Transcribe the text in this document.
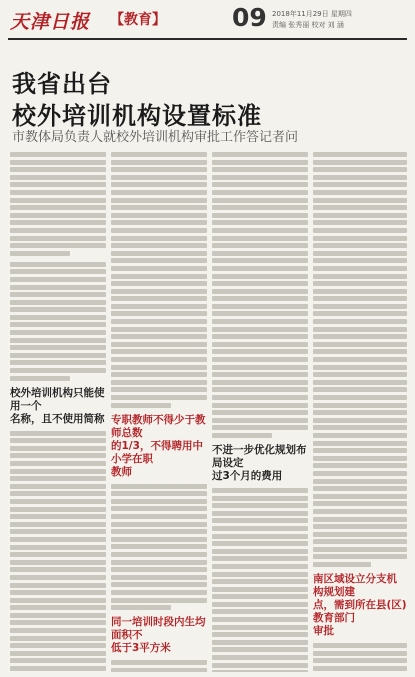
天津日报 【教育】	09 2018年11月29日 星期四
责编 张秀丽 校对 刘 涵
我省出台
校外培训机构设置标准

市教体局负责人就校外培训机构审批工作答记者问

校外培训机构只能使用一个
名称，且不使用简称 专职教师不得少于教师总数
的1/3，不得聘用中小学在职
教师
同一培训时段内生均面积不
低于3平方米
不进一步优化规划布局设定
过3个月的费用
南区域设立分支机构规划建
点，需到所在县(区)教育部门
审批
